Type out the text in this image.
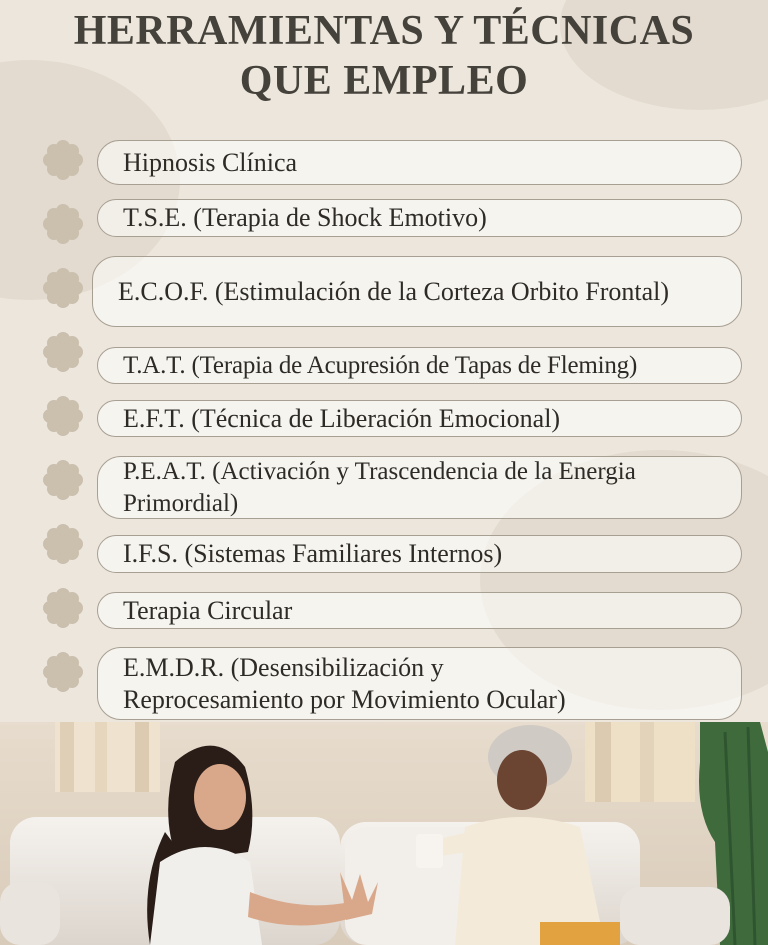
HERRAMIENTAS Y TÉCNICAS
QUE EMPLEO
Hipnosis Clínica
T.S.E. (Terapia de Shock Emotivo)
E.C.O.F. (Estimulación de la Corteza Orbito Frontal)
T.A.T. (Terapia de Acupresión de Tapas de Fleming)
E.F.T. (Técnica de Liberación Emocional)
P.E.A.T. (Activación y Trascendencia de la Energia Primordial)
I.F.S. (Sistemas Familiares Internos)
Terapia Circular
E.M.D.R. (Desensibilización y Reprocesamiento por Movimiento Ocular)
